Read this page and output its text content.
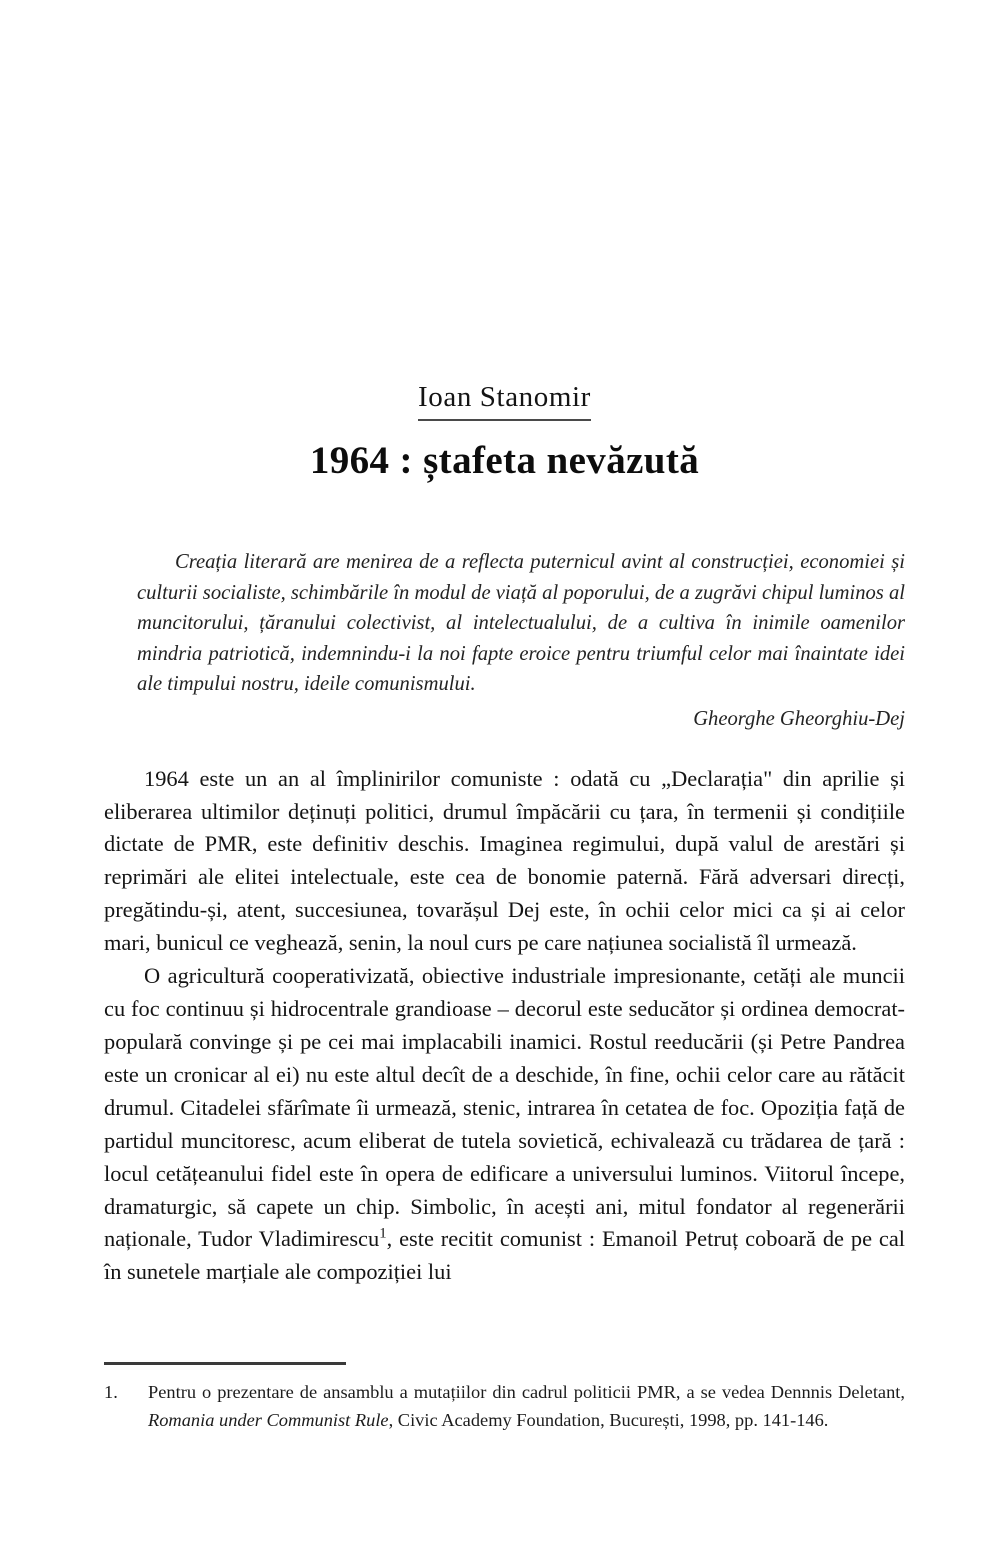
Ioan Stanomir
1964 : ștafeta nevăzută

Creația literară are menirea de a reflecta puternicul avint al construcției, economiei și culturii socialiste, schimbările în modul de viață al poporului, de a zugrăvi chipul luminos al muncitorului, țăranului colectivist, al intelectualului, de a cultiva în inimile oamenilor mindria patriotică, indemnindu-i la noi fapte eroice pentru triumful celor mai înaintate idei ale timpului nostru, ideile comunismului.

Gheorghe Gheorghiu-Dej

1964 este un an al împlinirilor comuniste : odată cu „Declarația" din aprilie și eliberarea ultimilor deținuți politici, drumul împăcării cu țara, în termenii și condițiile dictate de PMR, este definitiv deschis. Imaginea regimului, după valul de arestări și reprimări ale elitei intelectuale, este cea de bonomie paternă. Fără adversari direcți, pregătindu-și, atent, succesiunea, tovarășul Dej este, în ochii celor mici ca și ai celor mari, bunicul ce veghează, senin, la noul curs pe care națiunea socialistă îl urmează.

O agricultură cooperativizată, obiective industriale impresionante, cetăți ale muncii cu foc continuu și hidrocentrale grandioase – decorul este seducător și ordinea democrat-populară convinge și pe cei mai implacabili inamici. Rostul reeducării (și Petre Pandrea este un cronicar al ei) nu este altul decît de a deschide, în fine, ochii celor care au rătăcit drumul. Citadelei sfărîmate îi urmează, stenic, intrarea în cetatea de foc. Opoziția față de partidul muncitoresc, acum eliberat de tutela sovietică, echivalează cu trădarea de țară : locul cetățeanului fidel este în opera de edificare a universului luminos. Viitorul începe, dramaturgic, să capete un chip. Simbolic, în acești ani, mitul fondator al regenerării naționale, Tudor Vladimirescu$^1$, este recitit comunist : Emanoil Petruț coboară de pe cal în sunetele marțiale ale compoziției lui

1.	Pentru o prezentare de ansamblu a mutațiilor din cadrul politicii PMR, a se vedea Dennnis Deletant, Romania under Communist Rule, Civic Academy Foundation, București, 1998, pp. 141-146.
